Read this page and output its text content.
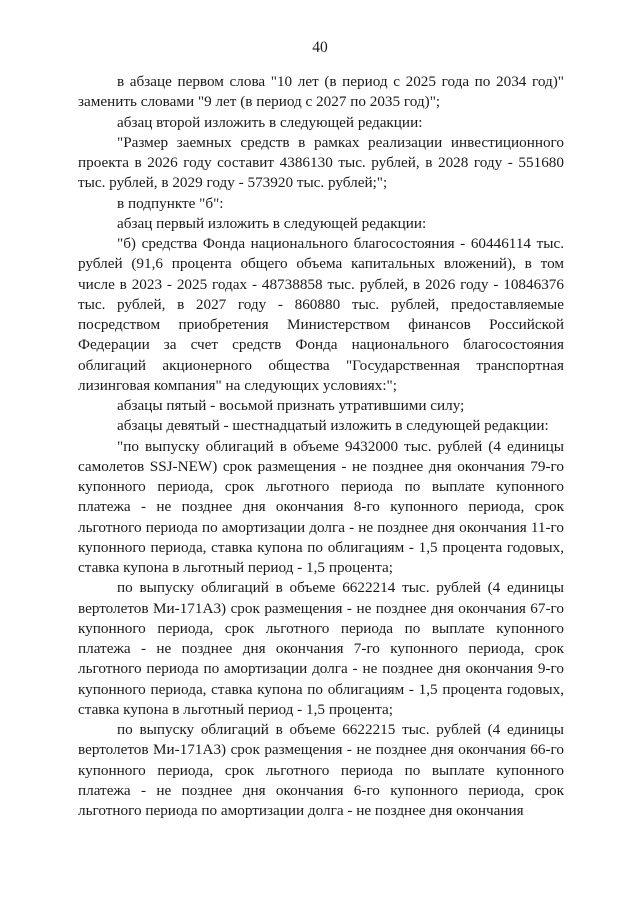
40

в абзаце первом слова "10 лет (в период с 2025 года по 2034 год)" заменить словами "9 лет (в период с 2027 по 2035 год)";

абзац второй изложить в следующей редакции:

"Размер заемных средств в рамках реализации инвестиционного проекта в 2026 году составит 4386130 тыс. рублей, в 2028 году - 551680 тыс. рублей, в 2029 году - 573920 тыс. рублей;";

в подпункте "б":

абзац первый изложить в следующей редакции:

"б) средства Фонда национального благосостояния - 60446114 тыс. рублей (91,6 процента общего объема капитальных вложений), в том числе в 2023 - 2025 годах - 48738858 тыс. рублей, в 2026 году - 10846376 тыс. рублей, в 2027 году - 860880 тыс. рублей, предоставляемые посредством приобретения Министерством финансов Российской Федерации за счет средств Фонда национального благосостояния облигаций акционерного общества "Государственная транспортная лизинговая компания" на следующих условиях:";

абзацы пятый - восьмой признать утратившими силу;

абзацы девятый - шестнадцатый изложить в следующей редакции:

"по выпуску облигаций в объеме 9432000 тыс. рублей (4 единицы самолетов SSJ-NEW) срок размещения - не позднее дня окончания 79-го купонного периода, срок льготного периода по выплате купонного платежа - не позднее дня окончания 8-го купонного периода, срок льготного периода по амортизации долга - не позднее дня окончания 11-го купонного периода, ставка купона по облигациям - 1,5 процента годовых, ставка купона в льготный период - 1,5 процента;

по выпуску облигаций в объеме 6622214 тыс. рублей (4 единицы вертолетов Ми-171А3) срок размещения - не позднее дня окончания 67-го купонного периода, срок льготного периода по выплате купонного платежа - не позднее дня окончания 7-го купонного периода, срок льготного периода по амортизации долга - не позднее дня окончания 9-го купонного периода, ставка купона по облигациям - 1,5 процента годовых, ставка купона в льготный период - 1,5 процента;

по выпуску облигаций в объеме 6622215 тыс. рублей (4 единицы вертолетов Ми-171А3) срок размещения - не позднее дня окончания 66-го купонного периода, срок льготного периода по выплате купонного платежа - не позднее дня окончания 6-го купонного периода, срок льготного периода по амортизации долга - не позднее дня окончания
